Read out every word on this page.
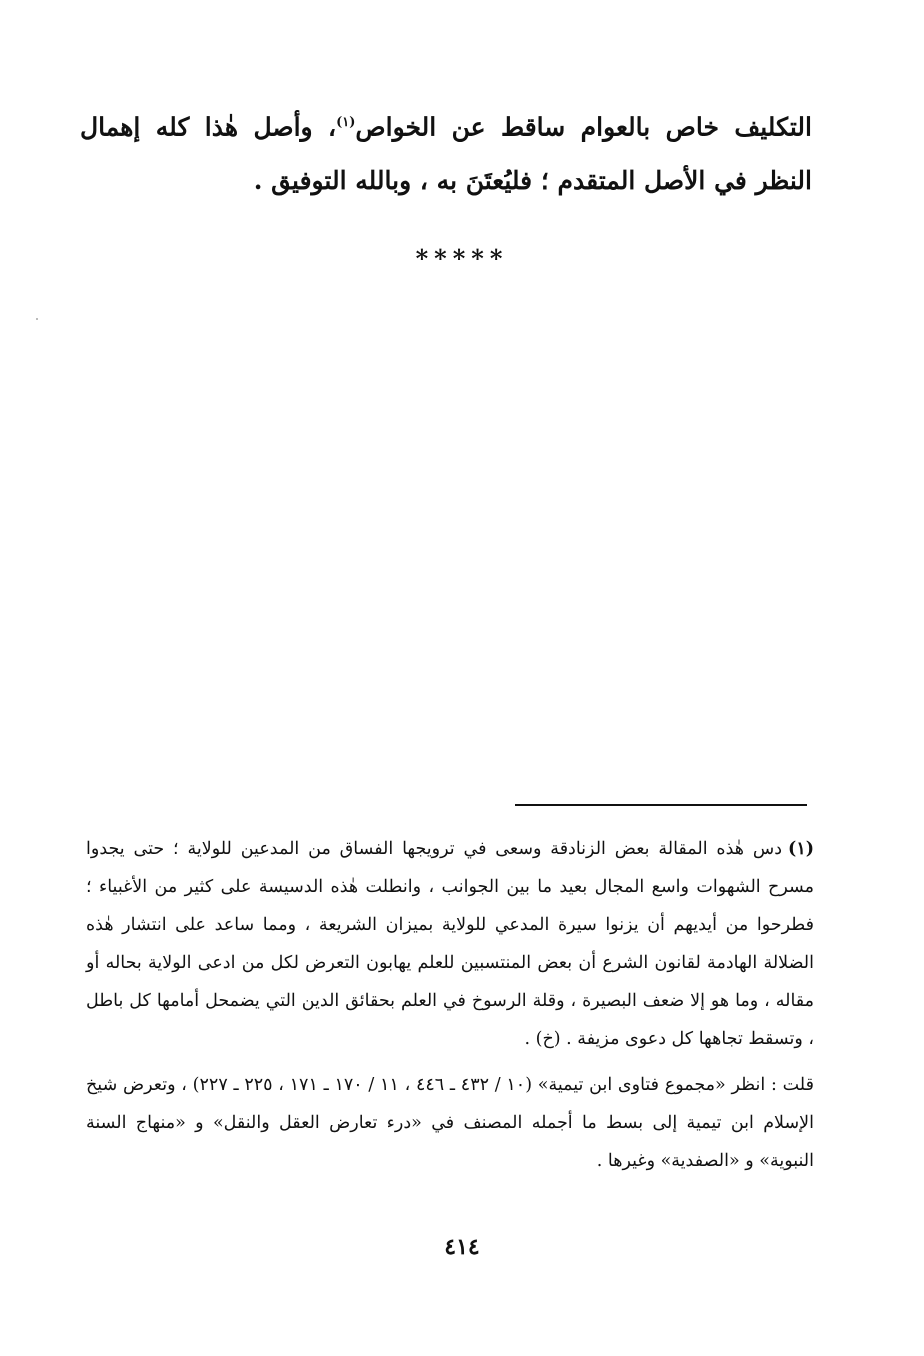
التكليف خاص بالعوام ساقط عن الخواص$^{(١)}$، وأصل هٰذا كله إهمال النظر في الأصل المتقدم ؛ فليُعتَنَ به ، وبالله التوفيق .

*****

(١)دس هٰذه المقالة بعض الزنادقة وسعى في ترويجها الفساق من المدعين للولاية ؛ حتى يجدوا مسرح الشهوات واسع المجال بعيد ما بين الجوانب ، وانطلت هٰذه الدسيسة على كثير من الأغبياء ؛ فطرحوا من أيديهم أن يزنوا سيرة المدعي للولاية بميزان الشريعة ، ومما ساعد على انتشار هٰذه الضلالة الهادمة لقانون الشرع أن بعض المنتسبين للعلم يهابون التعرض لكل من ادعى الولاية بحاله أو مقاله ، وما هو إلا ضعف البصيرة ، وقلة الرسوخ في العلم بحقائق الدين التي يضمحل أمامها كل باطل ، وتسقط تجاهها كل دعوى مزيفة . (خ) .

قلت : انظر «مجموع فتاوى ابن تيمية» (١٠ / ٤٣٢ ـ ٤٤٦ ، ١١ / ١٧٠ ـ ١٧١ ، ٢٢٥ ـ ٢٢٧) ، وتعرض شيخ الإسلام ابن تيمية إلى بسط ما أجمله المصنف في «درء تعارض العقل والنقل» و «منهاج السنة النبوية» و «الصفدية» وغيرها .

٤١٤
